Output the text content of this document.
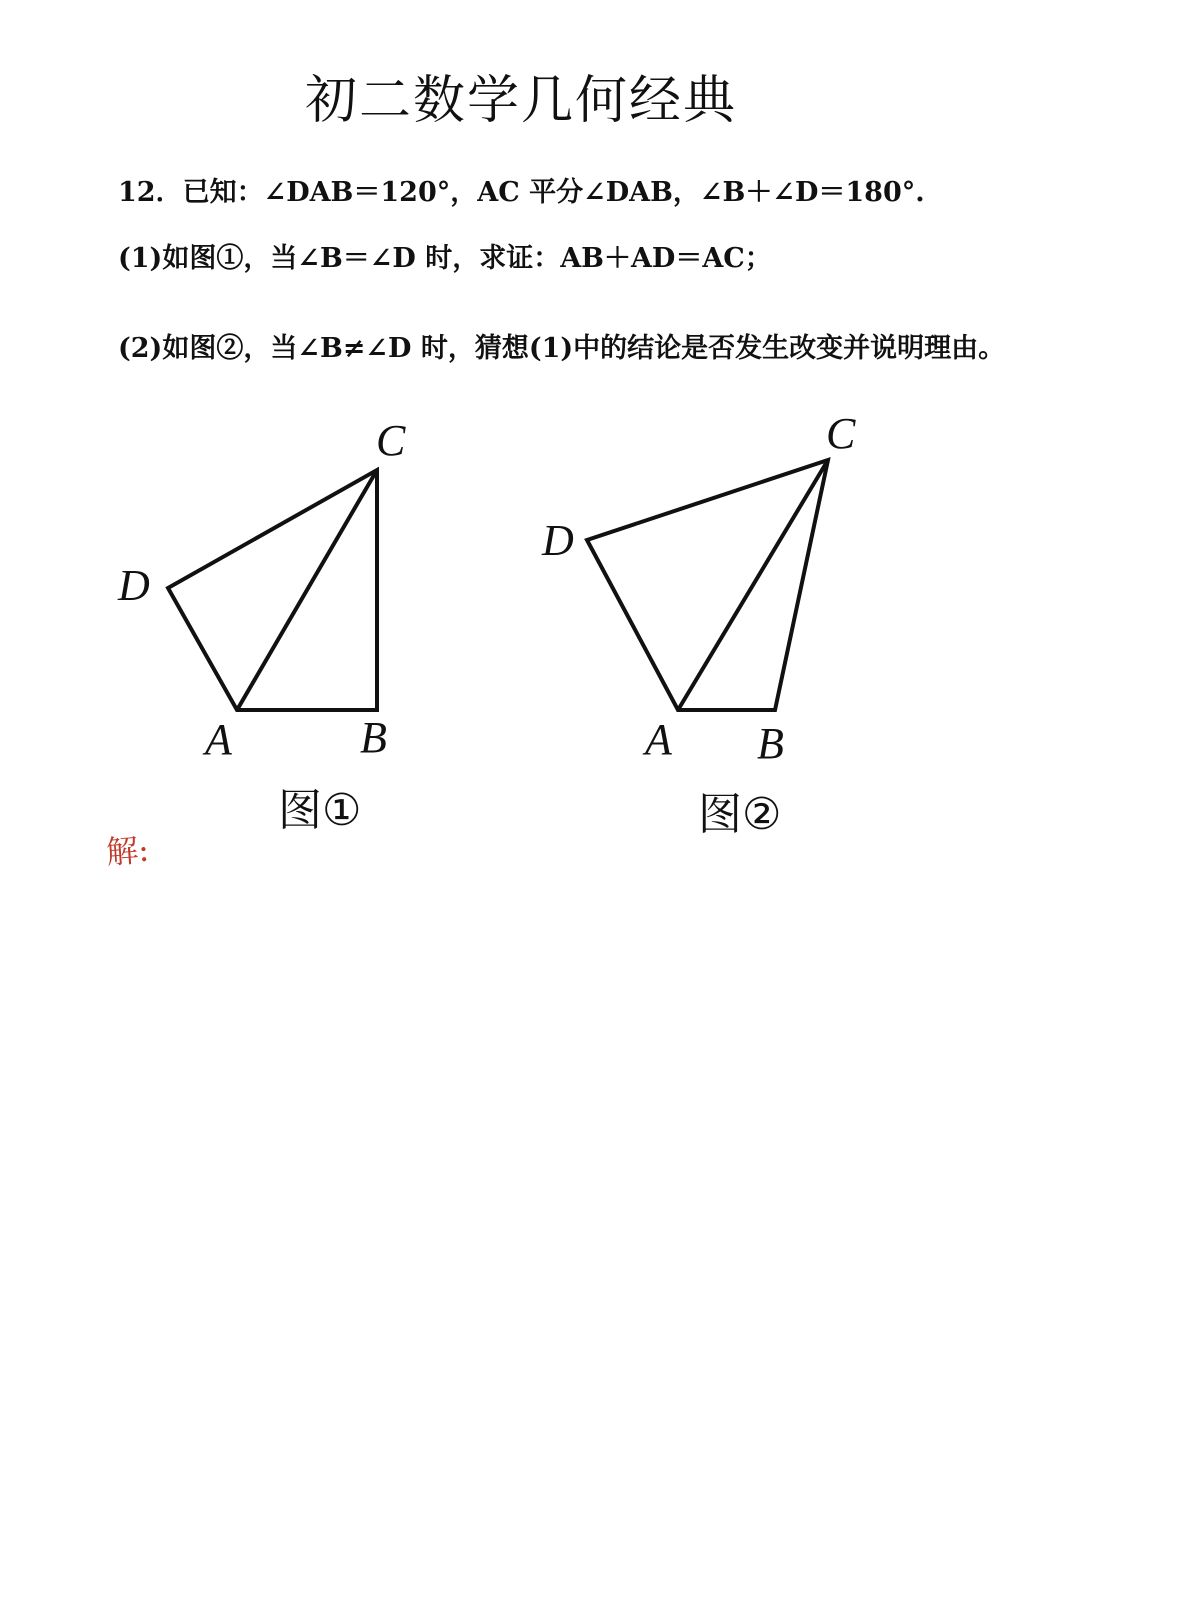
初二数学几何经典
12．已知：∠DAB＝120°，AC 平分∠DAB，∠B＋∠D＝180°.
(1)如图①，当∠B＝∠D 时，求证：AB＋AD＝AC；
(2)如图②，当∠B≠∠D 时，猜想(1)中的结论是否发生改变并说明理由。
C
D
A	B
图①
C
D
A B
图②
解:
